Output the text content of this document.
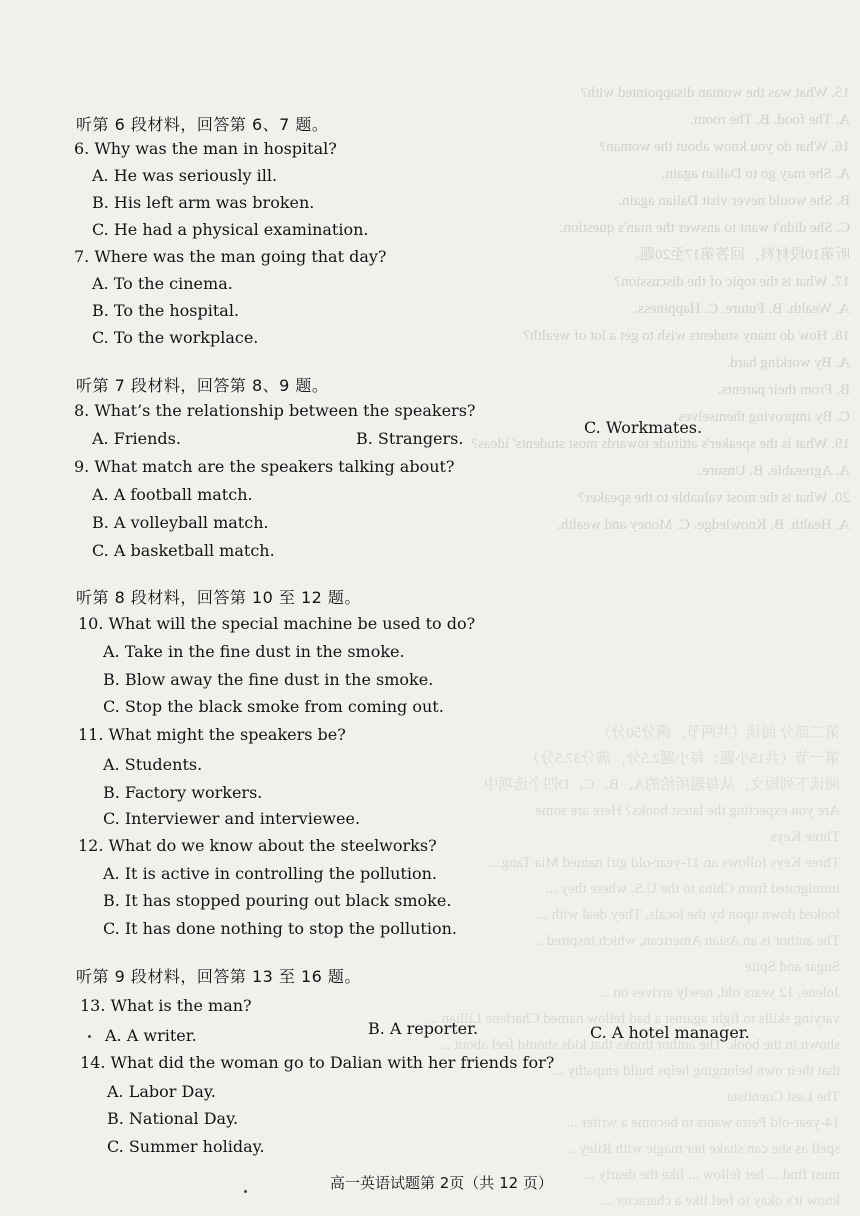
15. What was the woman disappointed with?
A. The food. B. The room.
16. What do you know about the woman?
A. She may go to Dalian again.
B. She would never visit Dalian again.
C. She didn't want to answer the man's question.
听第10段材料，回答第17至20题。
17. What is the topic of the discussion?
A. Wealth. B. Future. C. Happiness.
18. How do many students wish to get a lot of wealth?
A. By working hard.
B. From their parents.
C. By improving themselves.
19. What is the speaker's attitude towards most students' ideas?
A. Agreeable. B. Unsure.
20. What is the most valuable to the speaker?
A. Health. B. Knowledge. C. Money and wealth.
第二部分 阅读（共两节，满分50分）
第一节（共15小题；每小题2.5分，满分37.5分）
阅读下列短文，从每题所给的A、B、C、D四个选项中
Are you expecting the latest books? Here are some
Three Keys
Three Keys follows an 11-year-old girl named Mia Tang...
immigrated from China to the U.S. where they ...
looked down upon by the locals. They deal with ...
The author is an Asian American, which inspired ...
Sugar and Spite
Jolene, 12 years old, newly arrives on ...
varying skills to fight against a bad fellow named Charlene Lillian ...
shown in the book. The author thinks that kids should feel about ...
that their own belonging helps build empathy ...
The Last Cuentista
14-year-old Petra wants to become a writer ...
spell as she can shake her magic with Riley ...
must find ... her fellow ... like the dearly ...
know it's okay to feel like a character ...
听第 6 段材料，回答第 6、7 题。
6. Why was the man in hospital?
A. He was seriously ill.
B. His left arm was broken.
C. He had a physical examination.
7. Where was the man going that day?
A. To the cinema.
B. To the hospital.
C. To the workplace.
听第 7 段材料，回答第 8、9 题。
8. What’s the relationship between the speakers?
A. Friends.	B. Strangers.
C. Workmates.
9. What match are the speakers talking about?
A. A football match.
B. A volleyball match.
C. A basketball match.
听第 8 段材料，回答第 10 至 12 题。
10. What will the special machine be used to do?
A. Take in the fine dust in the smoke.
B. Blow away the fine dust in the smoke.
C. Stop the black smoke from coming out.
11. What might the speakers be?
A. Students.
B. Factory workers.
C. Interviewer and interviewee.
12. What do we know about the steelworks?
A. It is active in controlling the pollution.
B. It has stopped pouring out black smoke.
C. It has done nothing to stop the pollution.
听第 9 段材料，回答第 13 至 16 题。
13. What is the man?
A. A writer.	B. A reporter.	C. A hotel manager.
14. What did the woman go to Dalian with her friends for?
A. Labor Day.
B. National Day.
C. Summer holiday.
高一英语试题第 2页（共 12 页）
